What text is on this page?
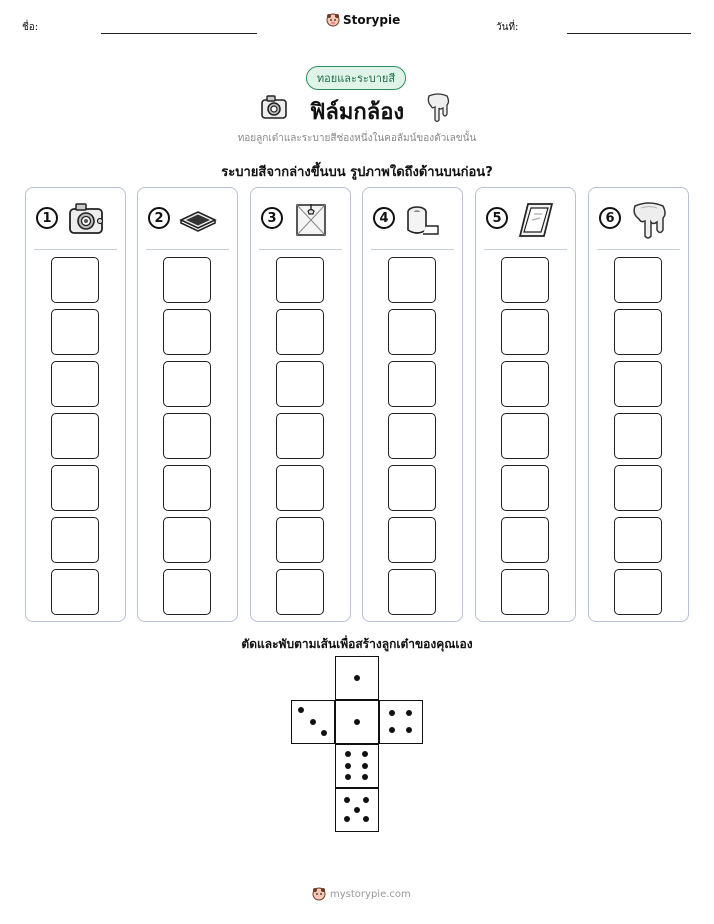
ชื่อ:
Storypie
วันที่:
ทอยและระบายสี
ฟิล์มกล้อง
ทอยลูกเต๋าและระบายสีช่องหนึ่งในคอลัมน์ของตัวเลขนั้น
ระบายสีจากล่างขึ้นบน รูปภาพใดถึงด้านบนก่อน?
1	2	3	4	5	6
ตัดและพับตามเส้นเพื่อสร้างลูกเต๋าของคุณเอง
mystorypie.com
